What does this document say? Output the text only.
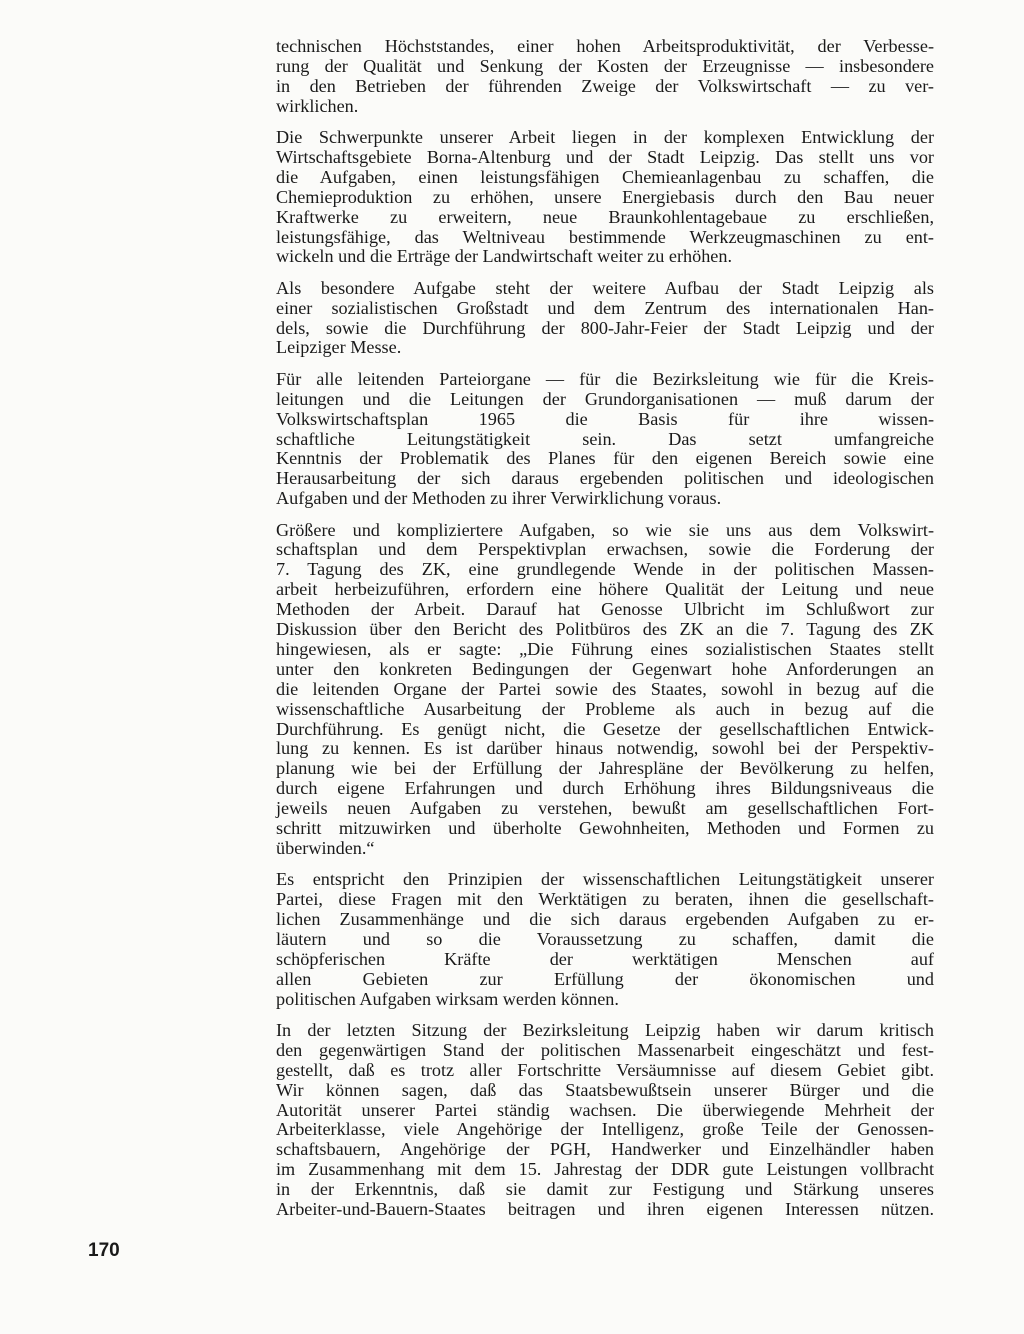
technischen Höchststandes, einer hohen Arbeitsproduktivität, der Verbesse-
rung der Qualität und Senkung der Kosten der Erzeugnisse — insbesondere
in den Betrieben der führenden Zweige der Volkswirtschaft — zu ver-
wirklichen.
Die Schwerpunkte unserer Arbeit liegen in der komplexen Entwicklung der
Wirtschaftsgebiete Borna-Altenburg und der Stadt Leipzig. Das stellt uns vor
die Aufgaben, einen leistungsfähigen Chemieanlagenbau zu schaffen, die
Chemieproduktion zu erhöhen, unsere Energiebasis durch den Bau neuer
Kraftwerke zu erweitern, neue Braunkohlentagebaue zu erschließen,
leistungsfähige, das Weltniveau bestimmende Werkzeugmaschinen zu ent-
wickeln und die Erträge der Landwirtschaft weiter zu erhöhen.
Als besondere Aufgabe steht der weitere Aufbau der Stadt Leipzig als
einer sozialistischen Großstadt und dem Zentrum des internationalen Han-
dels, sowie die Durchführung der 800-Jahr-Feier der Stadt Leipzig und der
Leipziger Messe.
Für alle leitenden Parteiorgane — für die Bezirksleitung wie für die Kreis-
leitungen und die Leitungen der Grundorganisationen — muß darum der
Volkswirtschaftsplan 1965 die Basis für ihre wissen-
schaftliche Leitungstätigkeit sein. Das setzt umfangreiche
Kenntnis der Problematik des Planes für den eigenen Bereich sowie eine
Herausarbeitung der sich daraus ergebenden politischen und ideologischen
Aufgaben und der Methoden zu ihrer Verwirklichung voraus.
Größere und kompliziertere Aufgaben, so wie sie uns aus dem Volkswirt-
schaftsplan und dem Perspektivplan erwachsen, sowie die Forderung der
7. Tagung des ZK, eine grundlegende Wende in der politischen Massen-
arbeit herbeizuführen, erfordern eine höhere Qualität der Leitung und neue
Methoden der Arbeit. Darauf hat Genosse Ulbricht im Schlußwort zur
Diskussion über den Bericht des Politbüros des ZK an die 7. Tagung des ZK
hingewiesen, als er sagte: „Die Führung eines sozialistischen Staates stellt
unter den konkreten Bedingungen der Gegenwart hohe Anforderungen an
die leitenden Organe der Partei sowie des Staates, sowohl in bezug auf die
wissenschaftliche Ausarbeitung der Probleme als auch in bezug auf die
Durchführung. Es genügt nicht, die Gesetze der gesellschaftlichen Entwick-
lung zu kennen. Es ist darüber hinaus notwendig, sowohl bei der Perspektiv-
planung wie bei der Erfüllung der Jahrespläne der Bevölkerung zu helfen,
durch eigene Erfahrungen und durch Erhöhung ihres Bildungsniveaus die
jeweils neuen Aufgaben zu verstehen, bewußt am gesellschaftlichen Fort-
schritt mitzuwirken und überholte Gewohnheiten, Methoden und Formen zu
überwinden.“
Es entspricht den Prinzipien der wissenschaftlichen Leitungstätigkeit unserer
Partei, diese Fragen mit den Werktätigen zu beraten, ihnen die gesellschaft-
lichen Zusammenhänge und die sich daraus ergebenden Aufgaben zu er-
läutern und so die Voraussetzung zu schaffen, damit die
schöpferischen Kräfte der werktätigen Menschen auf
allen Gebieten zur Erfüllung der ökonomischen und
politischen Aufgaben wirksam werden können.
In der letzten Sitzung der Bezirksleitung Leipzig haben wir darum kritisch
den gegenwärtigen Stand der politischen Massenarbeit eingeschätzt und fest-
gestellt, daß es trotz aller Fortschritte Versäumnisse auf diesem Gebiet gibt.
Wir können sagen, daß das Staatsbewußtsein unserer Bürger und die
Autorität unserer Partei ständig wachsen. Die überwiegende Mehrheit der
Arbeiterklasse, viele Angehörige der Intelligenz, große Teile der Genossen-
schaftsbauern, Angehörige der PGH, Handwerker und Einzelhändler haben
im Zusammenhang mit dem 15. Jahrestag der DDR gute Leistungen vollbracht
in der Erkenntnis, daß sie damit zur Festigung und Stärkung unseres
Arbeiter-und-Bauern-Staates beitragen und ihren eigenen Interessen nützen.
170
